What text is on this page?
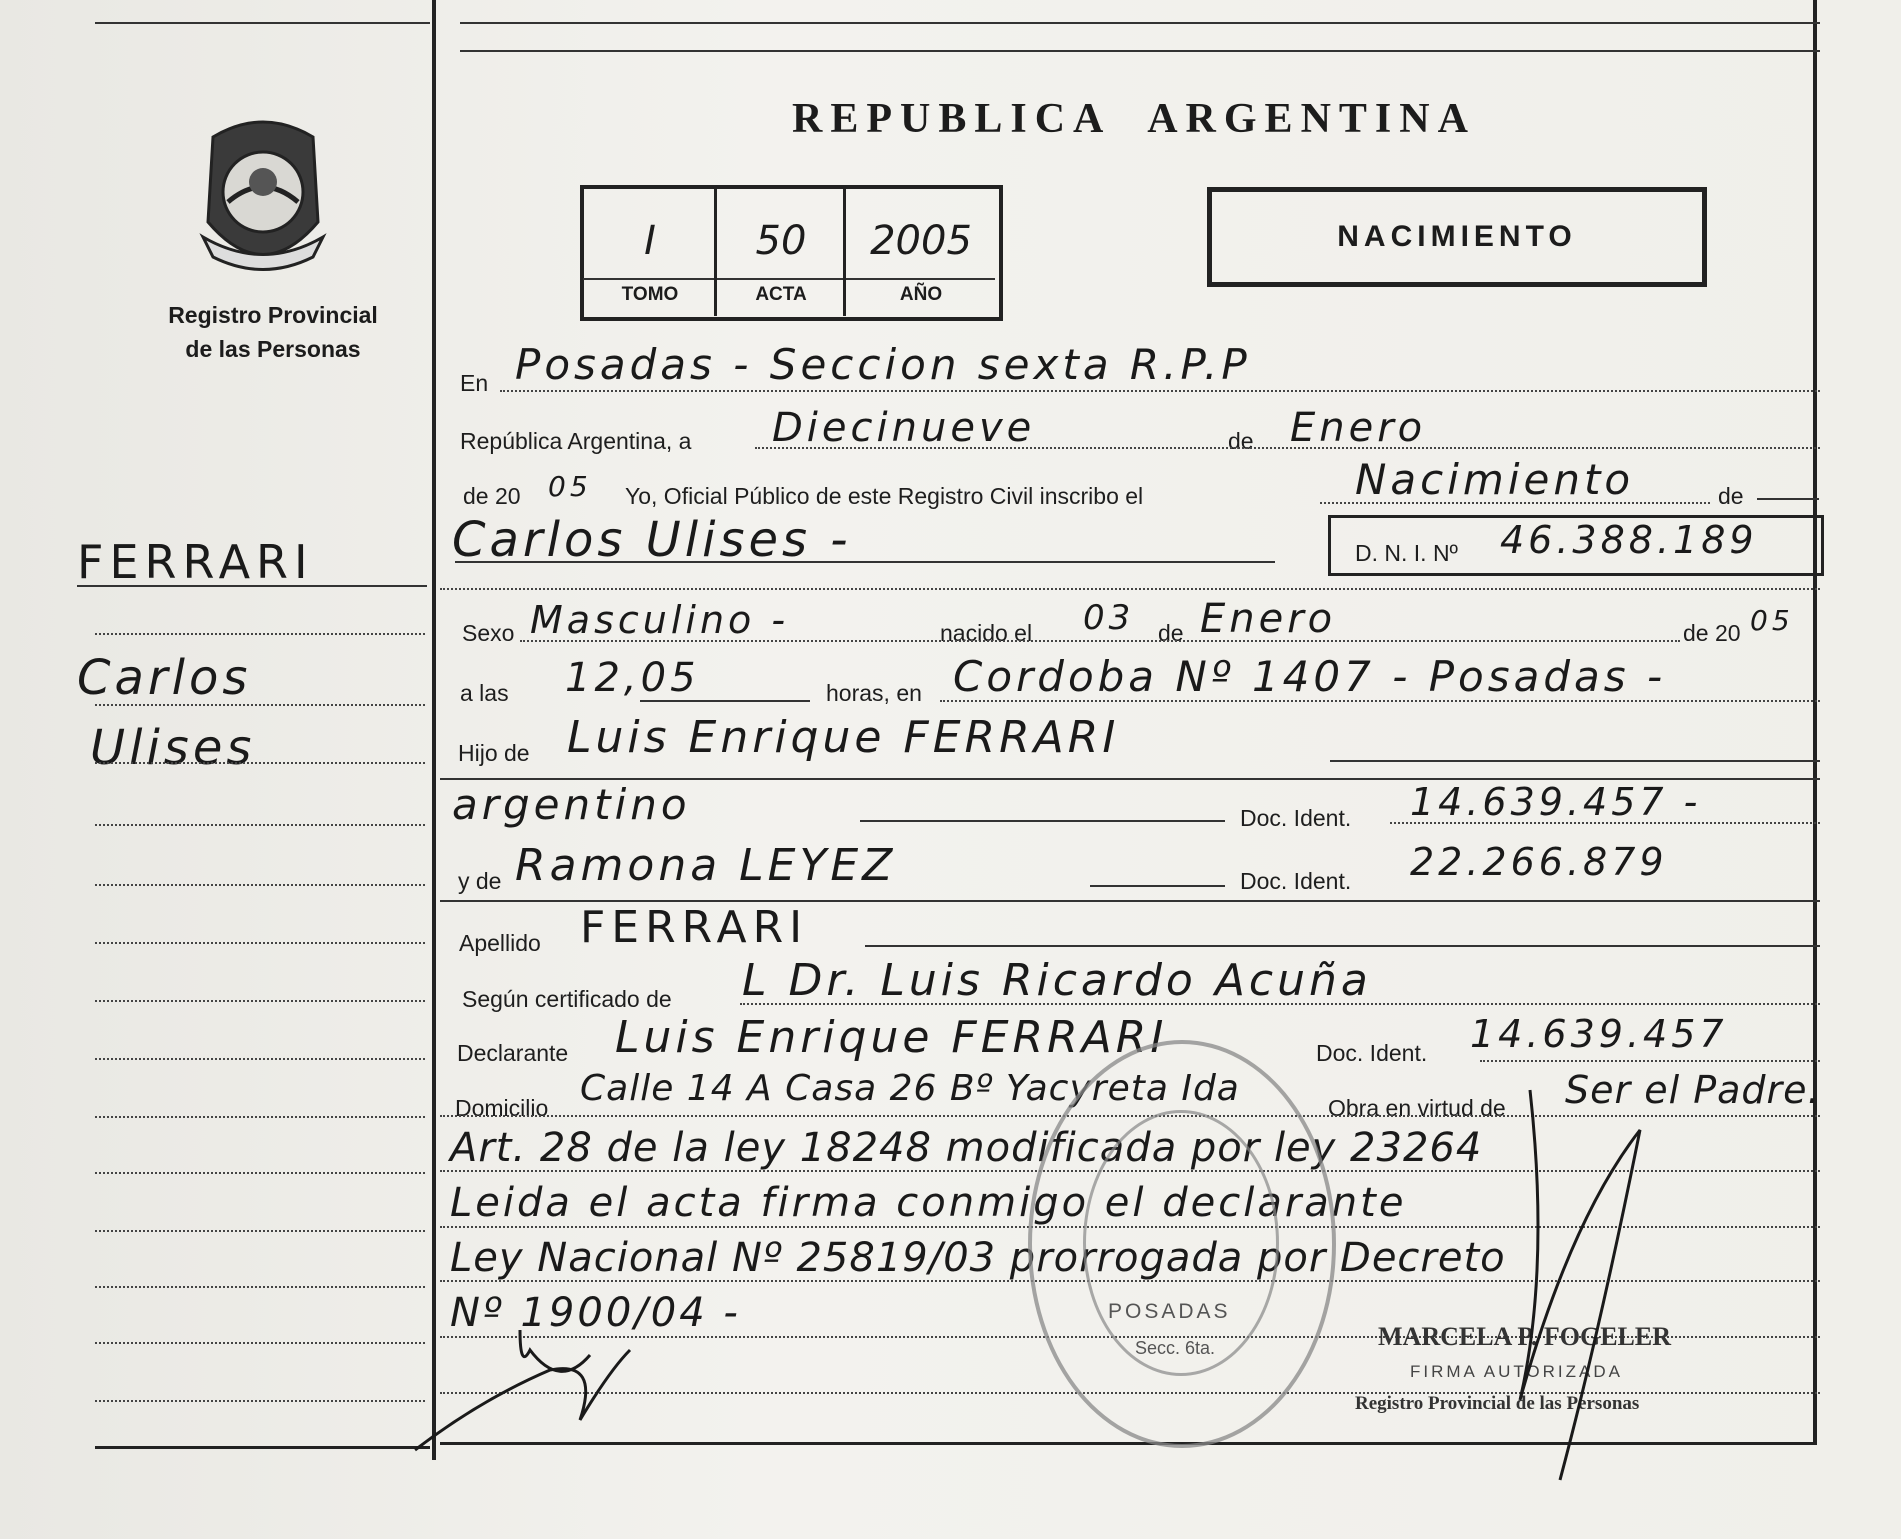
Registro Provincial
de las Personas
FERRARI
Carlos
Ulises
REPUBLICA ARGENTINA
I	50	2005
TOMO	ACTA	AÑO
NACIMIENTO
En Posadas - Seccion sexta R.P.P
República Argentina, a Diecinueve	de Enero
de 20 05 Yo, Oficial Público de este Registro Civil inscribo el	Nacimiento	de
Carlos Ulises -	D. N. I. Nº 46.388.189
Sexo Masculino -	nacido el 03 de Enero	de 20 05
a las 12,05	horas, en Cordoba Nº 1407 - Posadas -
Hijo de Luis Enrique FERRARI
argentino	Doc. Ident. 14.639.457 -
y de Ramona LEYEZ	Doc. Ident. 22.266.879
Apellido FERRARI
Según certificado de L Dr. Luis Ricardo Acuña
Declarante Luis Enrique FERRARI	Doc. Ident. 14.639.457
Domicilio Calle 14 A Casa 26 Bº Yacyreta Ida	Obra en virtud de Ser el Padre.
Art. 28 de la ley 18248 modificada por ley 23264
Leida el acta firma conmigo el declarante
Ley Nacional Nº 25819/03 prorrogada por Decreto
Nº 1900/04 -	POSADAS
Secc. 6ta.	MARCELA P. FOGELER
FIRMA AUTORIZADA
Registro Provincial de las Personas
